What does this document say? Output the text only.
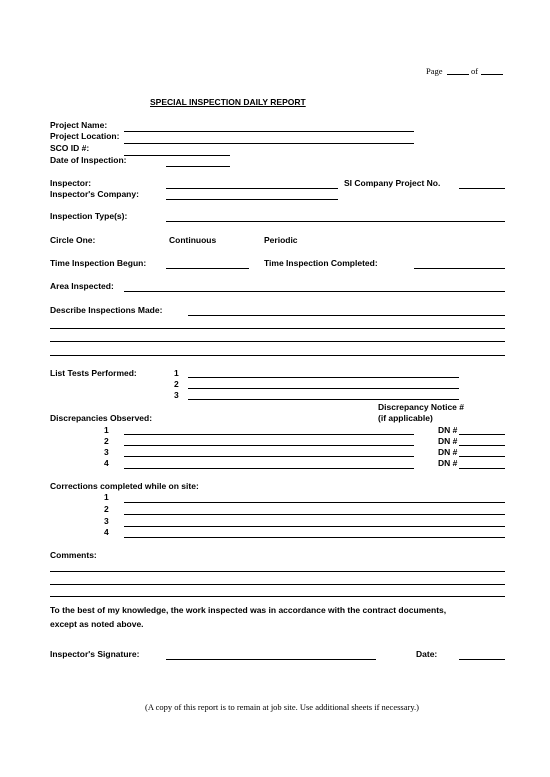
Page	of
SPECIAL INSPECTION DAILY REPORT
Project Name:
Project Location:
SCO ID #:
Date of Inspection:
Inspector:	SI Company Project No.
Inspector's Company:
Inspection Type(s):
Circle One:	Continuous	Periodic
Time Inspection Begun:	Time Inspection Completed:
Area Inspected:
Describe Inspections Made:
List Tests Performed:	1
2
3
Discrepancy Notice #
(if applicable)
Discrepancies Observed:
1	DN #
2	DN #
3	DN #
4	DN #
Corrections completed while on site:
1
2
3
4
Comments:
To the best of my knowledge, the work inspected was in accordance with the contract documents,
except as noted above.
Inspector's Signature:	Date:
(A copy of this report is to remain at job site. Use additional sheets if necessary.)
